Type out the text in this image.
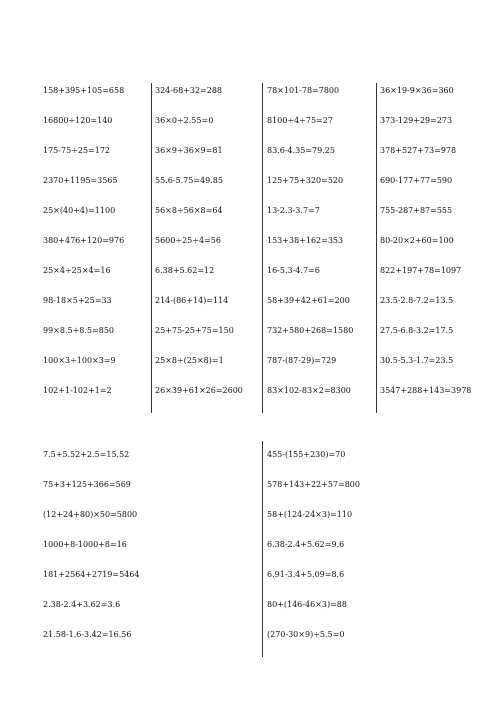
158+395+105=658
16800÷120=140
175-75÷25=172
2370+1195=3565
25×(40+4)=1100
380+476+120=976
25×4÷25×4=16
98-18×5+25=33
99×8.5+8.5=850
100×3÷100×3=9
102+1-102+1=2
324-68+32=288
36×0÷2.55=0
36×9÷36×9=81
55.6-5.75=49.85
56×8÷56×8=64
5600÷25÷4=56
6.38+5.62=12
214-(86+14)=114
25+75-25+75=150
25×8÷(25×8)=1
26×39+61×26=2600
78×101-78=7800
8100÷4÷75=27
83.6-4.35=79.25
125+75+320=520
13-2.3-3.7=7
153+38+162=353
16-5.3-4.7=6
58+39+42+61=200
732+580+268=1580
787-(87-29)=729
83×102-83×2=8300
36×19-9×36=360
373-129+29=273
378+527+73=978
690-177+77=590
755-287+87=555
80-20×2+60=100
822+197+78=1097
23.5-2.8-7.2=13.5
27.5-6.8-3.2=17.5
30.5-5.3-1.7=23.5
3547+288+143=3978
7.5+5.52+2.5=15.52
75+3+125+366=569
(12+24+80)×50=5800
1000+8-1000+8=16
181+2564+2719=5464
2.38-2.4+3.62=3.6
21.58-1.6-3.42=16.56
455-(155+230)=70
578+143+22+57=800
58+(124-24×3)=110
6.38-2.4+5.62=9.6
6.91-3.4+5.09=8.6
80+(146-46×3)=88
(270-30×9)÷5.5=0
